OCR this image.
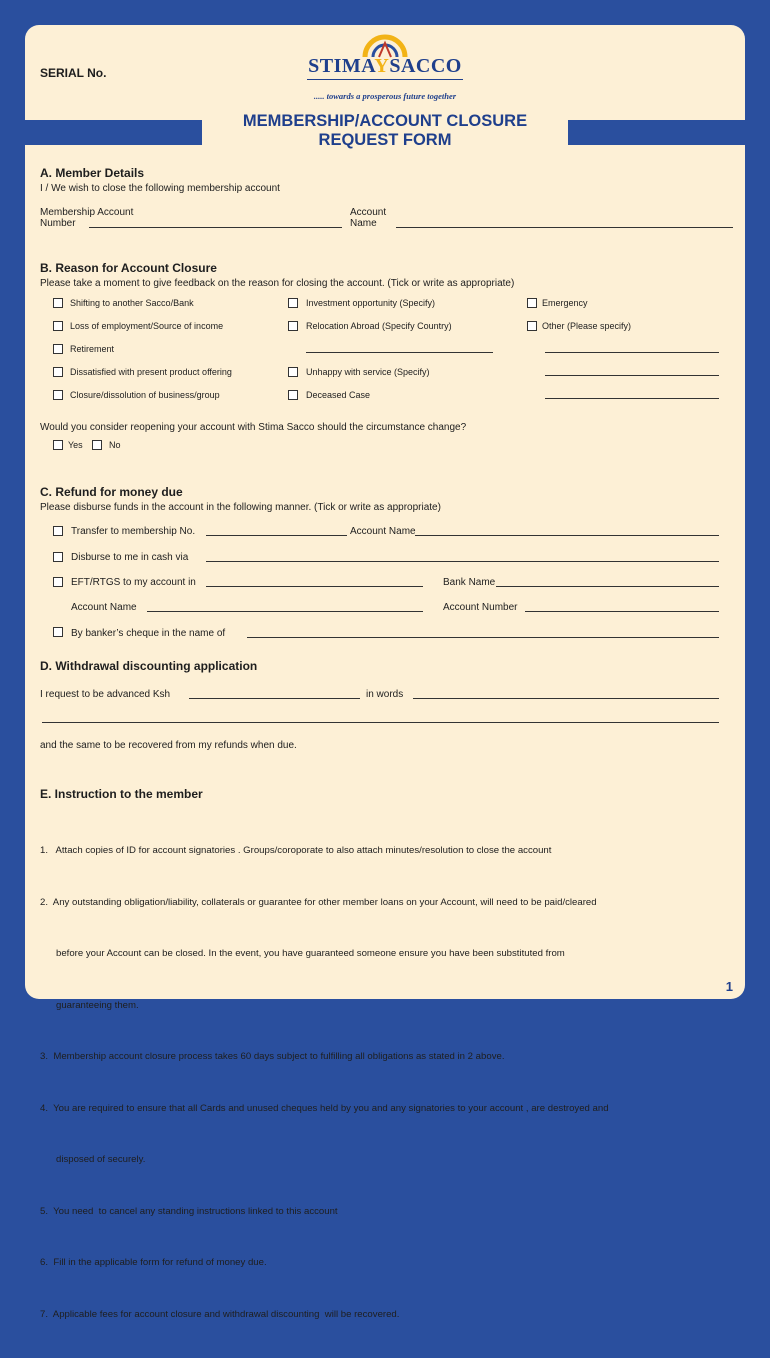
SERIAL No.	STIMAYSACCO
..... towards a prosperous future together
MEMBERSHIP/ACCOUNT CLOSURE
REQUEST FORM
A. Member Details
I / We wish to close the following membership account
Membership Account
Number
Account
Name
B. Reason for Account Closure
Please take a moment to give feedback on the reason for closing the account. (Tick or write as appropriate)
Shifting to another Sacco/Bank	Investment opportunity (Specify)	Emergency
Loss of employment/Source of income	Relocation Abroad (Specify Country)	Other (Please specify)
Retirement
Dissatisfied with present product offering	Unhappy with service (Specify)
Closure/dissolution of business/group	Deceased Case
Would you consider reopening your account with Stima Sacco should the circumstance change?
Yes	No
C. Refund for money due
Please disburse funds in the account in the following manner. (Tick or write as appropriate)
Transfer to membership No.	Account Name
Disburse to me in cash via
EFT/RTGS to my account in	Bank Name
Account Name	Account Number
By banker’s cheque in the name of
D. Withdrawal discounting application
I request to be advanced Ksh	in words
and the same to be recovered from my refunds when due.
E. Instruction to the member

1.   Attach copies of ID for account signatories . Groups/coroporate to also attach minutes/resolution to close the account

2.  Any outstanding obligation/liability, collaterals or guarantee for other member loans on your Account, will need to be paid/cleared

before your Account can be closed. In the event, you have guaranteed someone ensure you have been substituted from

guaranteeing them.

3.  Membership account closure process takes 60 days subject to fulfilling all obligations as stated in 2 above.

4.  You are required to ensure that all Cards and unused cheques held by you and any signatories to your account , are destroyed and

disposed of securely.

5.  You need  to cancel any standing instructions linked to this account

6.  Fill in the applicable form for refund of money due.

7.  Applicable fees for account closure and withdrawal discounting  will be recovered.

1
